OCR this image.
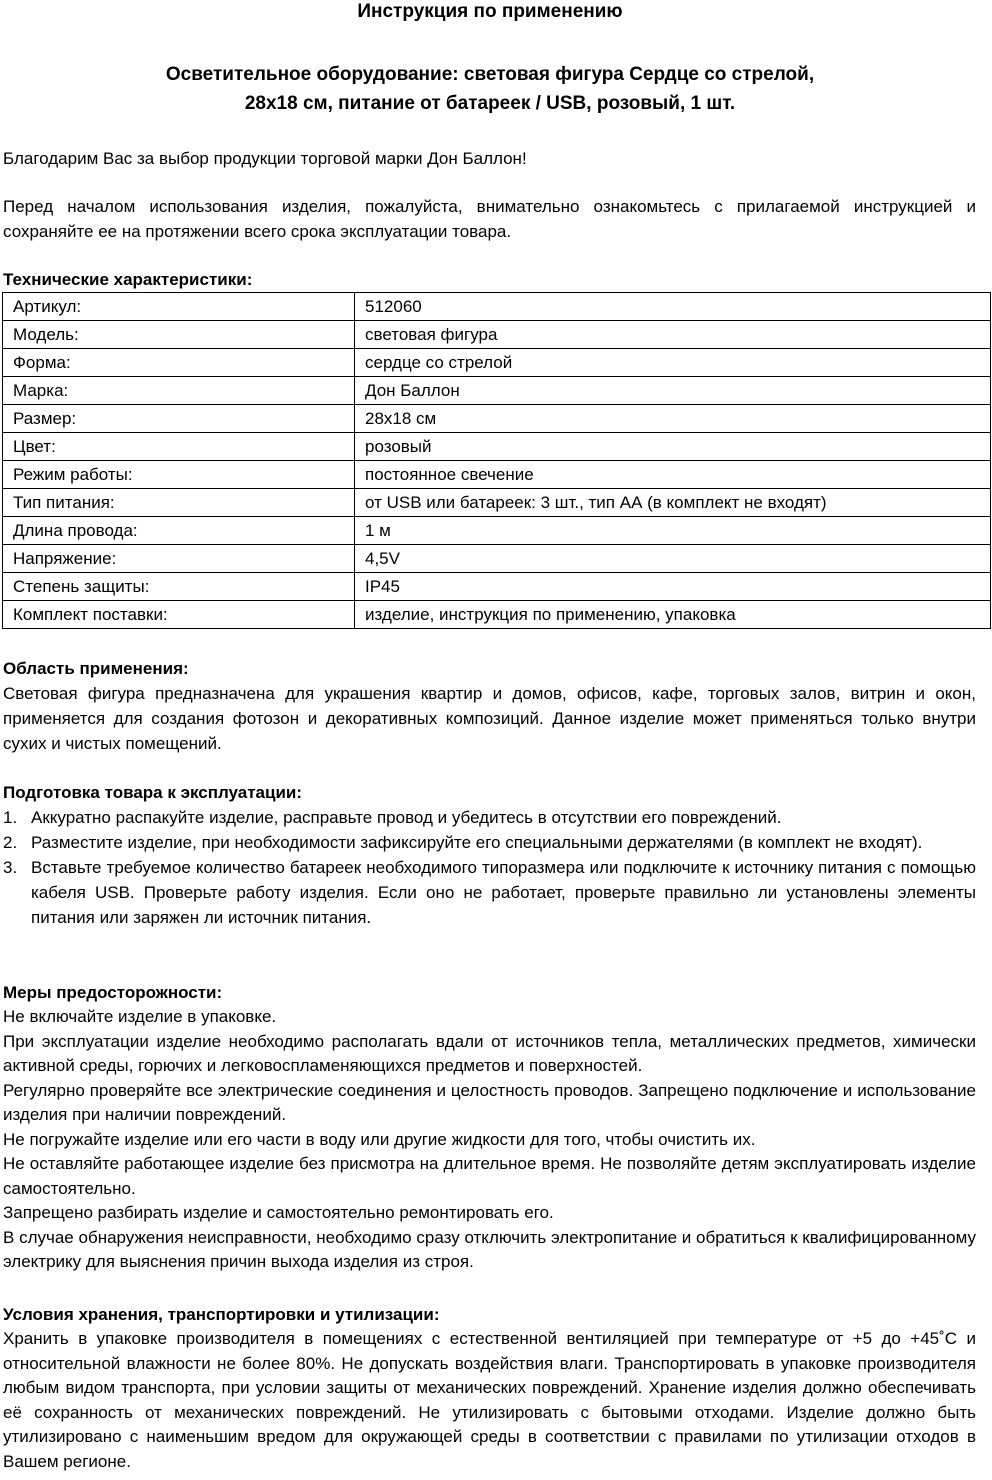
Инструкция по применению
Осветительное оборудование: световая фигура Сердце со стрелой,
28х18 см, питание от батареек / USB, розовый, 1 шт.

Благодарим Вас за выбор продукции торговой марки Дон Баллон!

Перед началом использования изделия, пожалуйста, внимательно ознакомьтесь с прилагаемой инструкцией и сохраняйте ее на протяжении всего срока эксплуатации товара.

Технические характеристики:

Артикул:	512060
Модель:	световая фигура
Форма:	сердце со стрелой
Марка:	Дон Баллон
Размер:	28х18 см
Цвет:	розовый
Режим работы:	постоянное свечение
Тип питания:	от USB или батареек: 3 шт., тип АА (в комплект не входят)
Длина провода:	1 м
Напряжение:	4,5V
Степень защиты:	IP45
Комплект поставки:	изделие, инструкция по применению, упаковка

Область применения:

Световая фигура предназначена для украшения квартир и домов, офисов, кафе, торговых залов, витрин и окон, применяется для создания фотозон и декоративных композиций. Данное изделие может применяться только внутри сухих и чистых помещений.

Подготовка товара к эксплуатации:

1. Аккуратно распакуйте изделие, расправьте провод и убедитесь в отсутствии его повреждений.
2. Разместите изделие, при необходимости зафиксируйте его специальными держателями (в комплект не входят).
3. Вставьте требуемое количество батареек необходимого типоразмера или подключите к источнику питания с помощью кабеля USB. Проверьте работу изделия. Если оно не работает, проверьте правильно ли установлены элементы питания или заряжен ли источник питания.

Меры предосторожности:

Не включайте изделие в упаковке.

При эксплуатации изделие необходимо располагать вдали от источников тепла, металлических предметов, химически активной среды, горючих и легковоспламеняющихся предметов и поверхностей.

Регулярно проверяйте все электрические соединения и целостность проводов. Запрещено подключение и использование изделия при наличии повреждений.

Не погружайте изделие или его части в воду или другие жидкости для того, чтобы очистить их.

Не оставляйте работающее изделие без присмотра на длительное время. Не позволяйте детям эксплуатировать изделие самостоятельно.

Запрещено разбирать изделие и самостоятельно ремонтировать его.

В случае обнаружения неисправности, необходимо сразу отключить электропитание и обратиться к квалифицированному электрику для выяснения причин выхода изделия из строя.

Условия хранения, транспортировки и утилизации:

Хранить в упаковке производителя в помещениях с естественной вентиляцией при температуре от +5 до +45˚С и относительной влажности не более 80%. Не допускать воздействия влаги. Транспортировать в упаковке производителя любым видом транспорта, при условии защиты от механических повреждений. Хранение изделия должно обеспечивать её сохранность от механических повреждений. Не утилизировать с бытовыми отходами. Изделие должно быть утилизировано с наименьшим вредом для окружающей среды в соответствии с правилами по утилизации отходов в Вашем регионе.
